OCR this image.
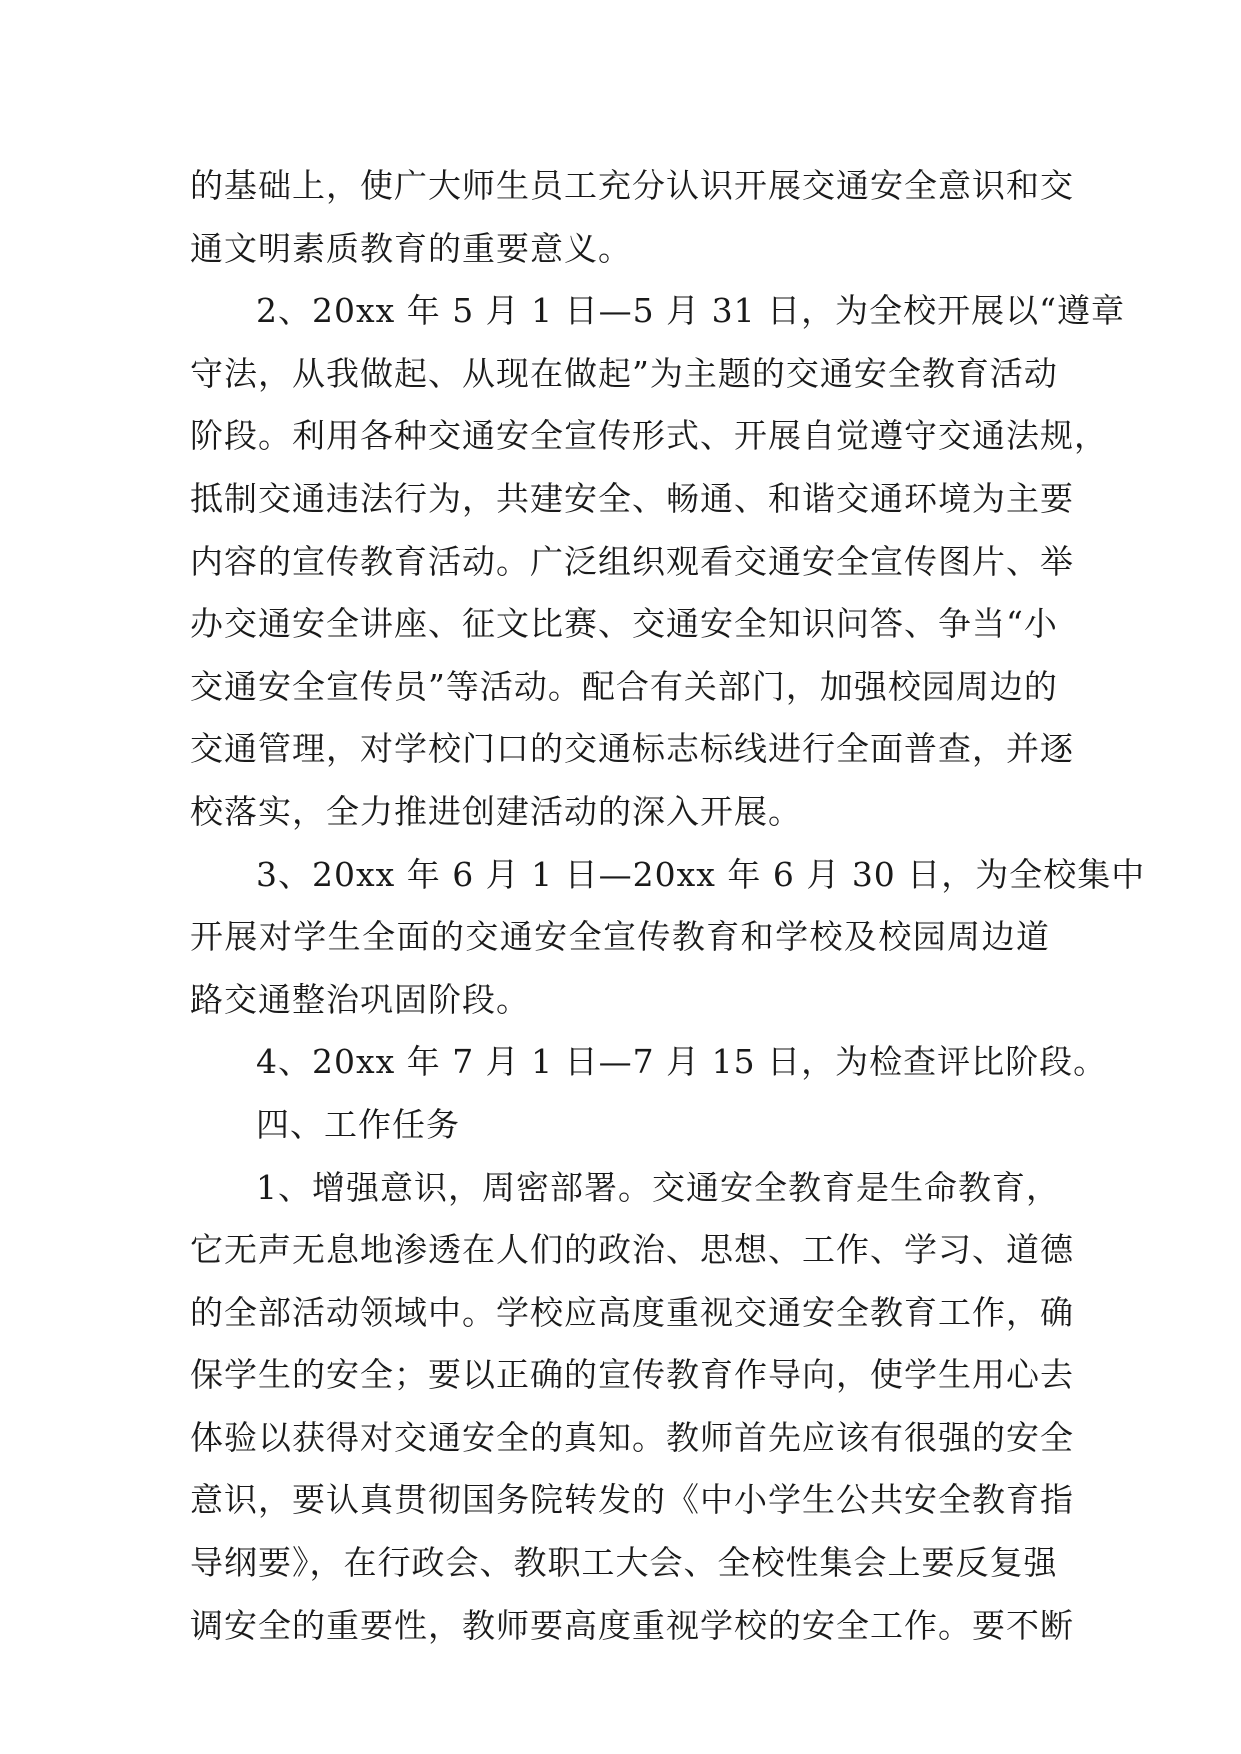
的基础上，使广大师生员工充分认识开展交通安全意识和交
通文明素质教育的重要意义。
2、20xx 年 5 月 1 日—5 月 31 日，为全校开展以“遵章
守法，从我做起、从现在做起”为主题的交通安全教育活动
阶段。利用各种交通安全宣传形式、开展自觉遵守交通法规，
抵制交通违法行为，共建安全、畅通、和谐交通环境为主要
内容的宣传教育活动。广泛组织观看交通安全宣传图片、举
办交通安全讲座、征文比赛、交通安全知识问答、争当“小
交通安全宣传员”等活动。配合有关部门，加强校园周边的
交通管理，对学校门口的交通标志标线进行全面普查，并逐
校落实，全力推进创建活动的深入开展。
3、20xx 年 6 月 1 日—20xx 年 6 月 30 日，为全校集中
开展对学生全面的交通安全宣传教育和学校及校园周边道
路交通整治巩固阶段。
4、20xx 年 7 月 1 日—7 月 15 日，为检查评比阶段。
四、工作任务
1、增强意识，周密部署。交通安全教育是生命教育，
它无声无息地渗透在人们的政治、思想、工作、学习、道德
的全部活动领域中。学校应高度重视交通安全教育工作，确
保学生的安全；要以正确的宣传教育作导向，使学生用心去
体验以获得对交通安全的真知。教师首先应该有很强的安全
意识，要认真贯彻国务院转发的《中小学生公共安全教育指
导纲要》，在行政会、教职工大会、全校性集会上要反复强
调安全的重要性，教师要高度重视学校的安全工作。要不断
